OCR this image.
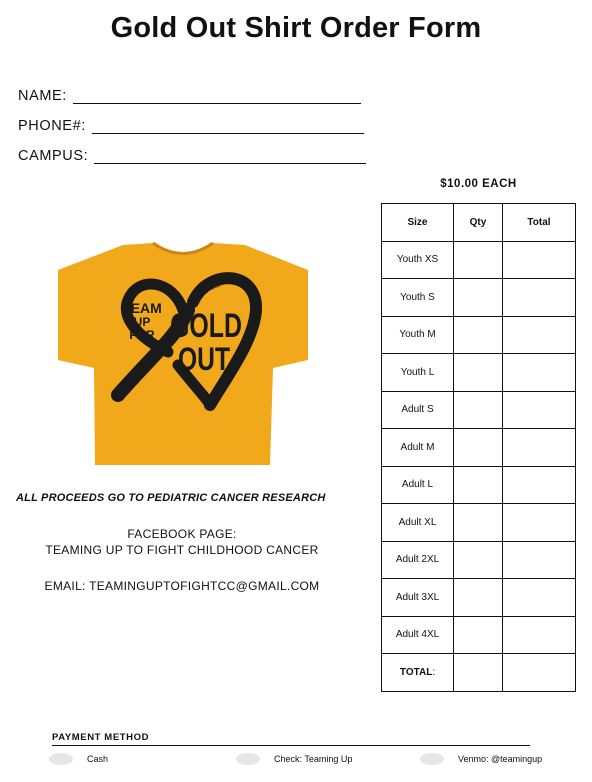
Gold Out Shirt Order Form
NAME:
PHONE#:
CAMPUS:
$10.00 EACH
Size	Qty	Total
Youth XS		
Youth S		
Youth M		
Youth L		
Adult S		
Adult M		
Adult L		
Adult XL		
Adult 2XL		
Adult 3XL		
Adult 4XL		
TOTAL:		
TEAM
UP
FOR GOLD
OUT
BECAUSE KIDS CAN'T FIGHT C
ALL PROCEEDS GO TO PEDIATRIC CANCER RESEARCH
FACEBOOK PAGE:
TEAMING UP TO FIGHT CHILDHOOD CANCER
EMAIL: TEAMINGUPTOFIGHTCC@GMAIL.COM
PAYMENT METHOD
Cash	Check: Teaming Up	Venmo: @teamingup
